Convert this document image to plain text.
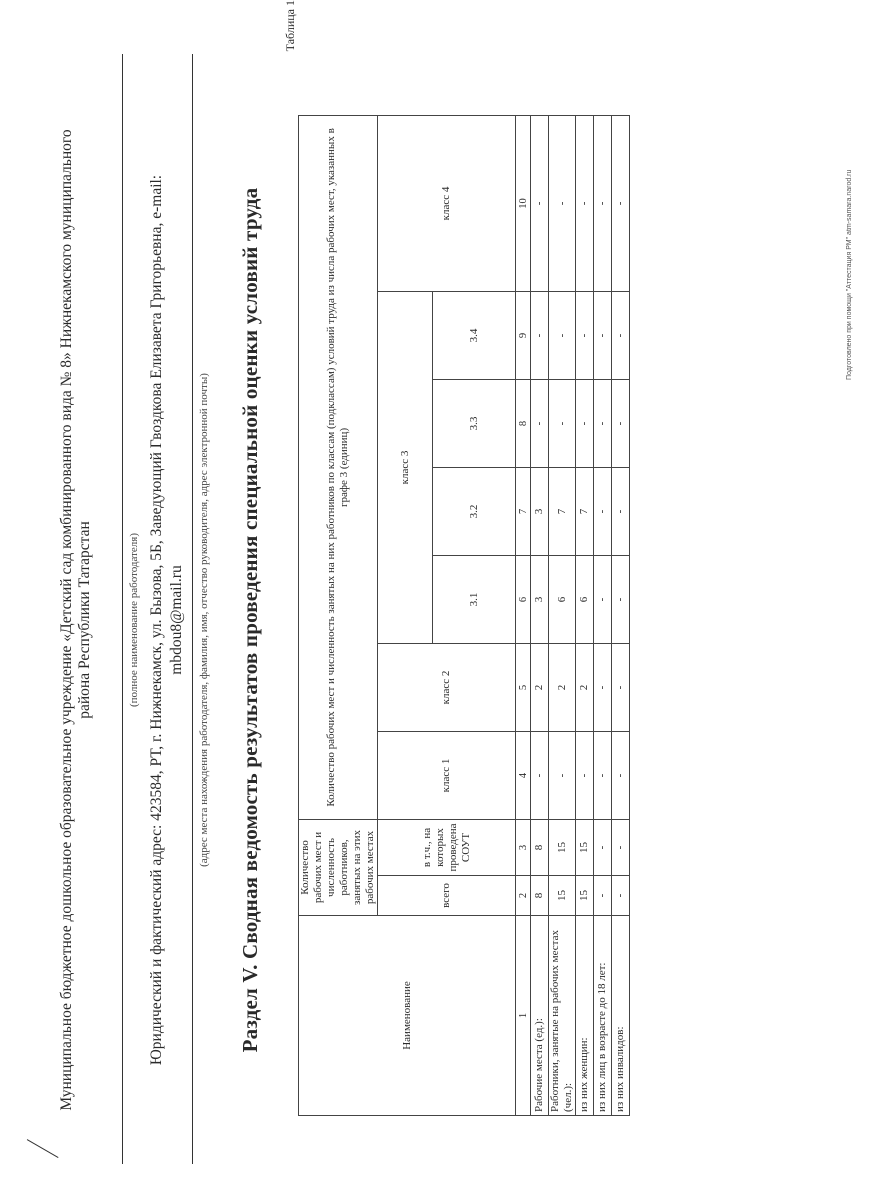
Муниципальное бюджетное дошкольное образовательное учреждение «Детский сад комбинированного вида № 8» Нижнекамского муниципального района Республики Татарстан	(полное наименование работодателя) Юридический и фактический адрес: 423584, РТ, г. Нижнекамск, ул. Бызова, 5Б, Заведующий Гвоздкова Елизавета Григорьевна, e-mail: mbdou8@mail.ru (адрес места нахождения работодателя, фамилия, имя, отчество руководителя, адрес электронной почты) Раздел V. Сводная ведомость результатов проведения специальной оценки условий труда
Таблица 1
Наименование	Количество рабочих мест и численность работников, занятых на этих рабочих местах		Количество рабочих мест и численность занятых на них работников по классам (подклассам) условий труда из числа рабочих мест, указанных в графе 3 (единиц)						
	всего	в т.ч., на которых проведена СОУТ	класс 1	класс 2	класс 3				класс 4
					3.1	3.2	3.3	3.4	
1	2	3	4	5	6	7	8	9	10
Рабочие места (ед.):	8	8	-	2	3	3	-	-	-
Работники, занятые на рабочих местах (чел.):	15	15	-	2	6	7	-	-	-
из них женщин:	15	15	-	2	6	7	-	-	-
из них лиц в возрасте до 18 лет:	-	-	-	-	-	-	-	-	-
из них инвалидов:	-	-	-	-	-	-	-	-	-	Подготовлено при помощи "Аттестация РМ" atm-samara.narod.ru
